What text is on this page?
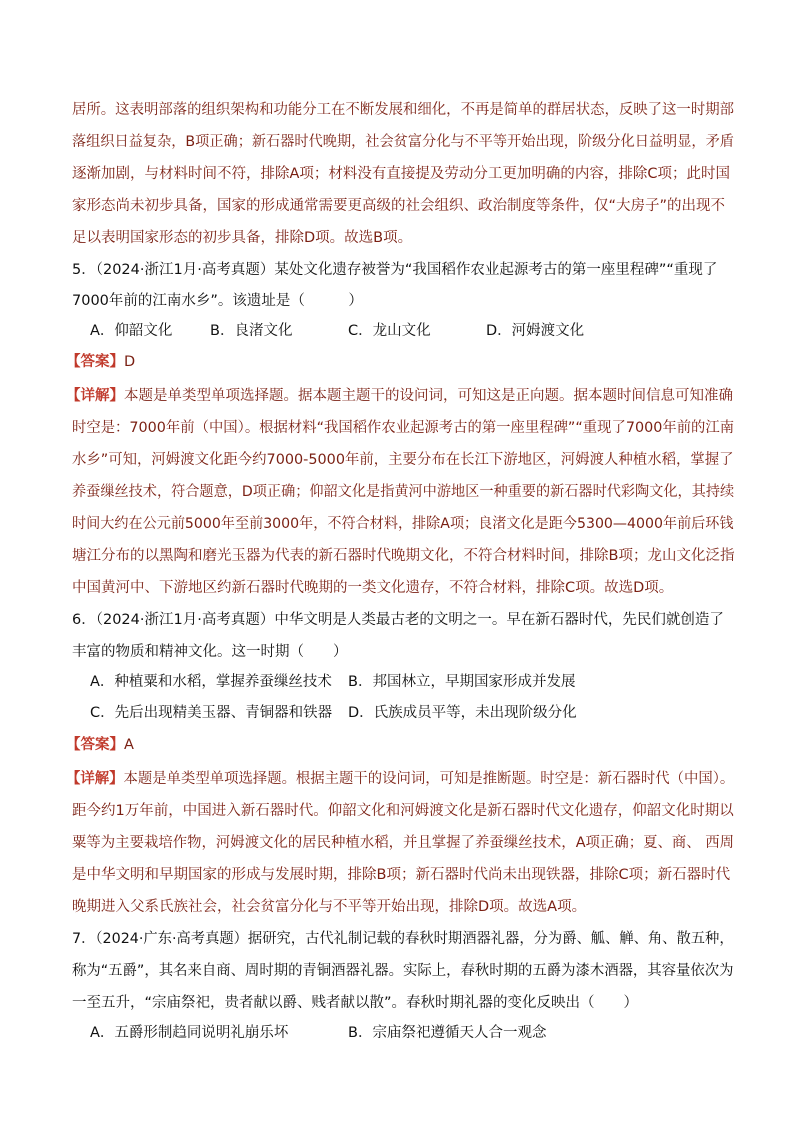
居所。这表明部落的组织架构和功能分工在不断发展和细化，不再是简单的群居状态，反映了这一时期部
落组织日益复杂，B项正确；新石器时代晚期，社会贫富分化与不平等开始出现，阶级分化日益明显，矛盾
逐渐加剧，与材料时间不符，排除A项；材料没有直接提及劳动分工更加明确的内容，排除C项；此时国
家形态尚未初步具备，国家的形成通常需要更高级的社会组织、政治制度等条件，仅“大房子”的出现不
足以表明国家形态的初步具备，排除D项。故选B项。
5．（2024·浙江1月·高考真题）某处文化遗存被誉为“我国稻作农业起源考古的第一座里程碑”“重现了
7000年前的江南水乡”。该遗址是（　　　）
A．仰韶文化	B．良渚文化	C．龙山文化	D．河姆渡文化
【答案】D
【详解】本题是单类型单项选择题。据本题主题干的设问词，可知这是正向题。据本题时间信息可知准确
时空是：7000年前（中国）。根据材料“我国稻作农业起源考古的第一座里程碑”“重现了7000年前的江南
水乡”可知，河姆渡文化距今约7000-5000年前，主要分布在长江下游地区，河姆渡人种植水稻，掌握了
养蚕缫丝技术，符合题意，D项正确；仰韶文化是指黄河中游地区一种重要的新石器时代彩陶文化，其持续
时间大约在公元前5000年至前3000年，不符合材料，排除A项；良渚文化是距今5300—4000年前后环钱
塘江分布的以黑陶和磨光玉器为代表的新石器时代晚期文化，不符合材料时间，排除B项；龙山文化泛指
中国黄河中、下游地区约新石器时代晚期的一类文化遗存，不符合材料，排除C项。故选D项。
6．（2024·浙江1月·高考真题）中华文明是人类最古老的文明之一。早在新石器时代，先民们就创造了
丰富的物质和精神文化。这一时期（　　）
A．种植粟和水稻，掌握养蚕缫丝技术 B．邦国林立，早期国家形成并发展
C．先后出现精美玉器、青铜器和铁器 D．氏族成员平等，未出现阶级分化
【答案】A
【详解】本题是单类型单项选择题。根据主题干的设问词，可知是推断题。时空是：新石器时代（中国）。
距今约1万年前，中国进入新石器时代。仰韶文化和河姆渡文化是新石器时代文化遗存，仰韶文化时期以
粟等为主要栽培作物，河姆渡文化的居民种植水稻，并且掌握了养蚕缫丝技术，A项正确；夏、商、 西周
是中华文明和早期国家的形成与发展时期，排除B项；新石器时代尚未出现铁器，排除C项；新石器时代
晚期进入父系氏族社会，社会贫富分化与不平等开始出现，排除D项。故选A项。
7．（2024·广东·高考真题）据研究，古代礼制记载的春秋时期酒器礼器，分为爵、觚、觯、角、散五种，
称为“五爵”，其名来自商、周时期的青铜酒器礼器。实际上，春秋时期的五爵为漆木酒器，其容量依次为
一至五升，“宗庙祭祀，贵者献以爵、贱者献以散”。春秋时期礼器的变化反映出（　　）
A．五爵形制趋同说明礼崩乐坏	B．宗庙祭祀遵循天人合一观念
